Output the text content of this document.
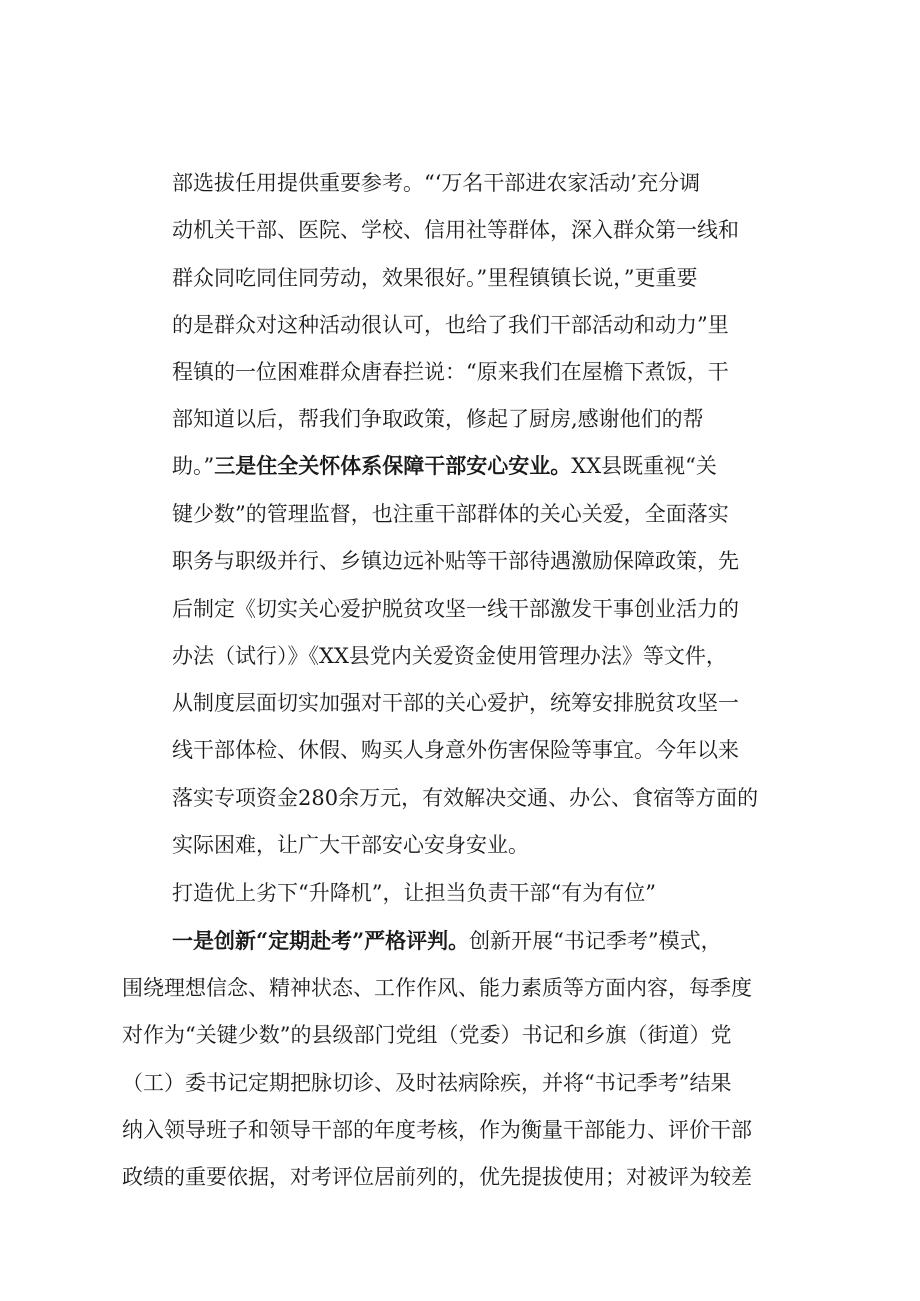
部选拔任用提供重要参考。“‘万名干部进农家活动’充分调
动机关干部、医院、学校、信用社等群体，深入群众第一线和
群众同吃同住同劳动，效果很好。”里程镇镇长说，”更重要
的是群众对这种活动很认可，也给了我们干部活动和动力”里
程镇的一位困难群众唐春拦说：“原来我们在屋檐下煮饭，干
部知道以后，帮我们争取政策，修起了厨房,感谢他们的帮
助。”三是住全关怀体系保障干部安心安业。XX县既重视“关
键少数”的管理监督，也注重干部群体的关心关爱，全面落实
职务与职级并行、乡镇边远补贴等干部待遇激励保障政策，先
后制定《切实关心爱护脱贫攻坚一线干部激发干事创业活力的
办法（试行）》《XX县党内关爱资金使用管理办法》等文件，
从制度层面切实加强对干部的关心爱护，统筹安排脱贫攻坚一
线干部体检、休假、购买人身意外伤害保险等事宜。今年以来
落实专项资金280余万元，有效解决交通、办公、食宿等方面的
实际困难，让广大干部安心安身安业。
打造优上劣下“升降机”，让担当负责干部“有为有位”
一是创新“定期赴考”严格评判。创新开展“书记季考”模式，
围绕理想信念、精神状态、工作作风、能力素质等方面内容，每季度
对作为“关键少数”的县级部门党组（党委）书记和乡旗（街道）党
（工）委书记定期把脉切诊、及时祛病除疾，并将“书记季考”结果
纳入领导班子和领导干部的年度考核，作为衡量干部能力、评价干部
政绩的重要依据，对考评位居前列的，优先提拔使用；对被评为较差
